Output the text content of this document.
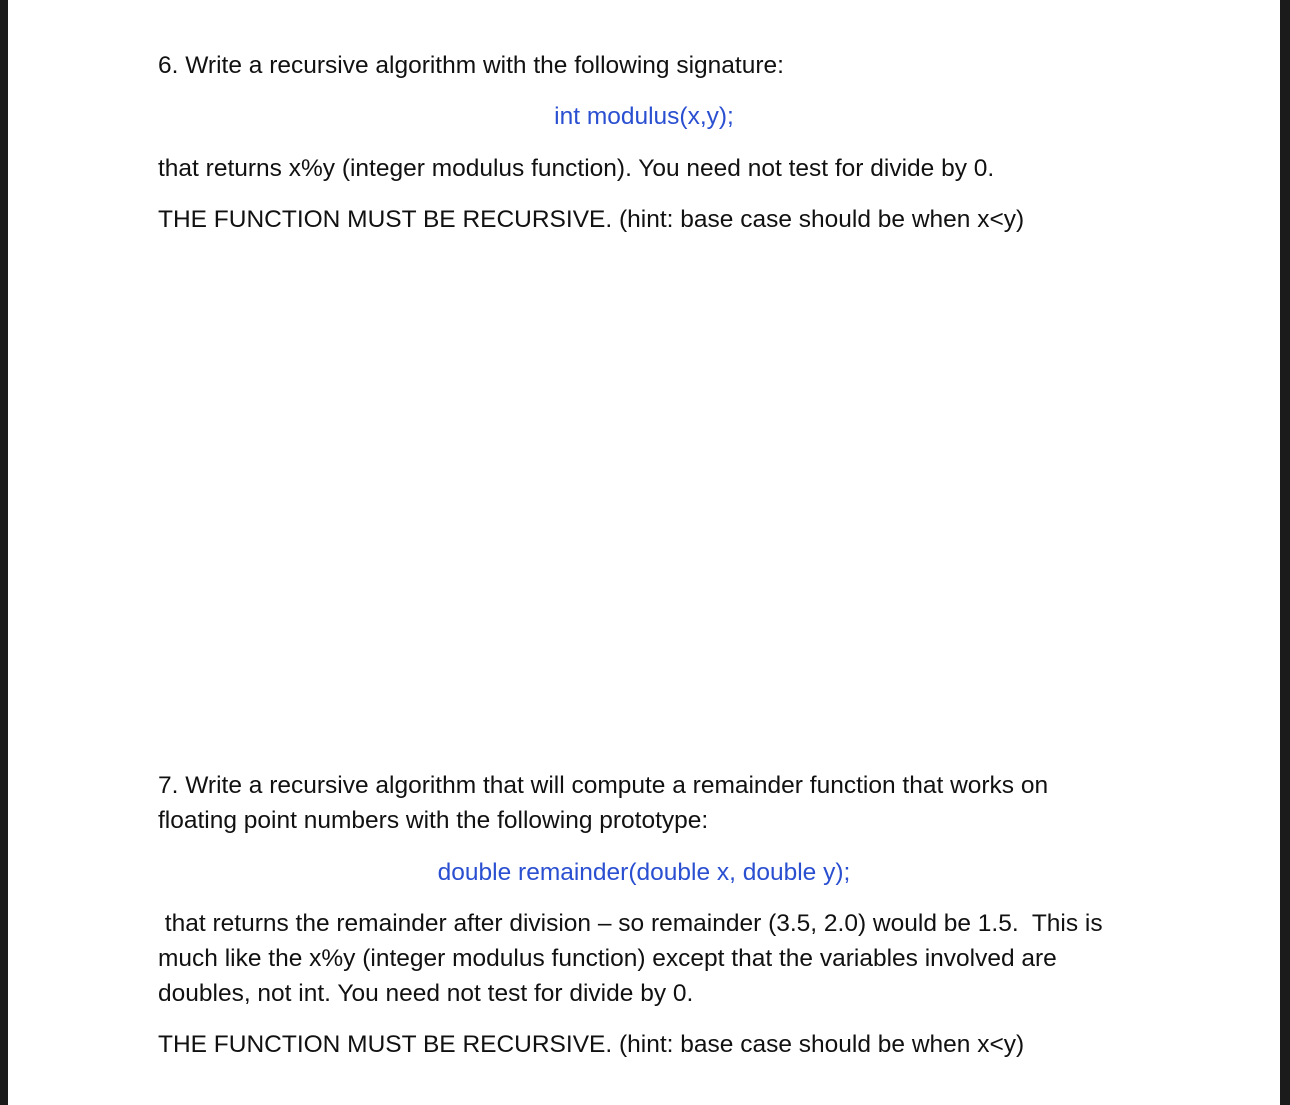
6. Write a recursive algorithm with the following signature:
int modulus(x,y);
that returns x%y (integer modulus function). You need not test for divide by 0.
THE FUNCTION MUST BE RECURSIVE. (hint: base case should be when x<y)
7. Write a recursive algorithm that will compute a remainder function that works on
floating point numbers with the following prototype:
double remainder(double x, double y);
that returns the remainder after division – so remainder (3.5, 2.0) would be 1.5.  This is
much like the x%y (integer modulus function) except that the variables involved are
doubles, not int. You need not test for divide by 0.
THE FUNCTION MUST BE RECURSIVE. (hint: base case should be when x<y)
